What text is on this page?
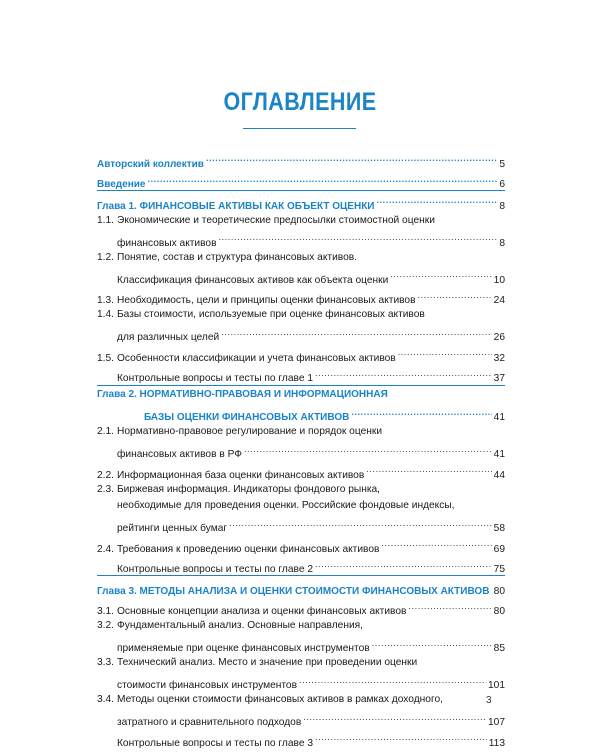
ОГЛАВЛЕНИЕ
Авторский коллектив .....	5
Введение .....	6
Глава 1. ФИНАНСОВЫЕ АКТИВЫ КАК ОБЪЕКТ ОЦЕНКИ .....	8
1.1. Экономические и теоретические предпосылки стоимостной оценки
финансовых активов .....	8
1.2. Понятие, состав и структура финансовых активов.
Классификация финансовых активов как объекта оценки .....	10
1.3. Необходимость, цели и принципы оценки финансовых активов .....	24
1.4. Базы стоимости, используемые при оценке финансовых активов
для различных целей .....	26
1.5. Особенности классификации и учета финансовых активов .....	32
Контрольные вопросы и тесты по главе 1 .....	37
Глава 2. НОРМАТИВНО-ПРАВОВАЯ И ИНФОРМАЦИОННАЯ
БАЗЫ ОЦЕНКИ ФИНАНСОВЫХ АКТИВОВ .....	41
2.1. Нормативно-правовое регулирование и порядок оценки
финансовых активов в РФ .....	41
2.2. Информационная база оценки финансовых активов .....	44
2.3. Биржевая информация. Индикаторы фондового рынка,
необходимые для проведения оценки. Российские фондовые индексы,
рейтинги ценных бумаг .....	58
2.4. Требования к проведению оценки финансовых активов .....	69
Контрольные вопросы и тесты по главе 2 .....	75
Глава 3. МЕТОДЫ АНАЛИЗА И ОЦЕНКИ СТОИМОСТИ ФИНАНСОВЫХ АКТИВОВ ..... 80
3.1. Основные концепции анализа и оценки финансовых активов .....	80
3.2. Фундаментальный анализ. Основные направления,
применяемые при оценке финансовых инструментов .....	85
3.3. Технический анализ. Место и значение при проведении оценки
стоимости финансовых инструментов .....	101
3.4. Методы оценки стоимости финансовых активов в рамках доходного,
затратного и сравнительного подходов .....	107
Контрольные вопросы и тесты по главе 3 .....	113
3
